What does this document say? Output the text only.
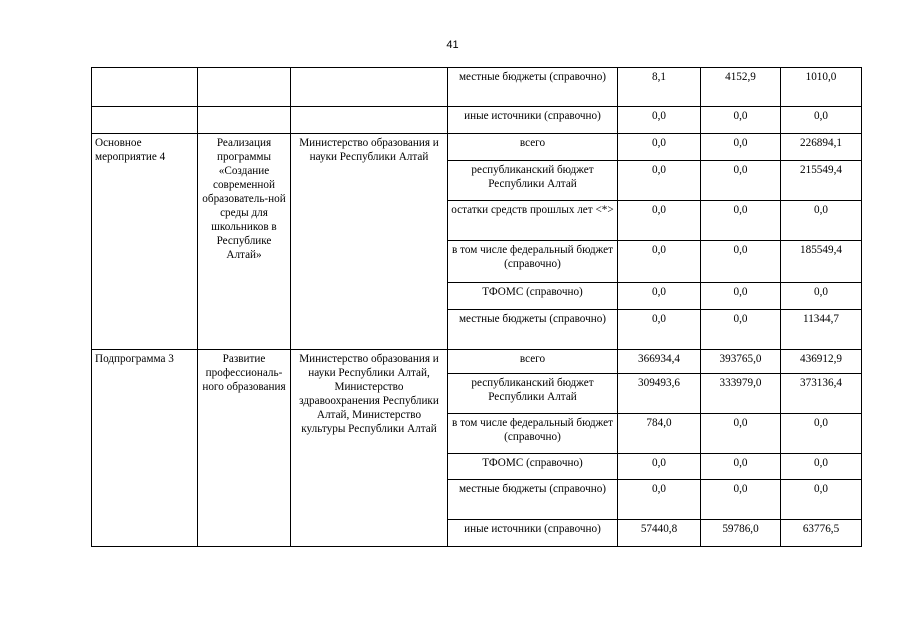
41
			местные бюджеты (справочно)	8,1	4152,9	1010,0
			иные источники (справочно)	0,0	0,0	0,0
Основное мероприятие 4	Реализация программы «Создание современной образователь-ной среды для школьников в Республике Алтай»	Министерство образования и науки Республики Алтай	всего	0,0	0,0	226894,1
			республиканский бюджет Республики Алтай	0,0	0,0	215549,4
			остатки средств прошлых лет <*>	0,0	0,0	0,0
			в том числе федеральный бюджет (справочно)	0,0	0,0	185549,4
			ТФОМС (справочно)	0,0	0,0	0,0
			местные бюджеты (справочно)	0,0	0,0	11344,7
Подпрограмма 3	Развитие профессиональ-ного образования	Министерство образования и науки Республики Алтай, Министерство здравоохранения Республики Алтай, Министерство культуры Республики Алтай	всего	366934,4	393765,0	436912,9
			республиканский бюджет Республики Алтай	309493,6	333979,0	373136,4
			в том числе федеральный бюджет (справочно)	784,0	0,0	0,0
			ТФОМС (справочно)	0,0	0,0	0,0
			местные бюджеты (справочно)	0,0	0,0	0,0
			иные источники (справочно)	57440,8	59786,0	63776,5
